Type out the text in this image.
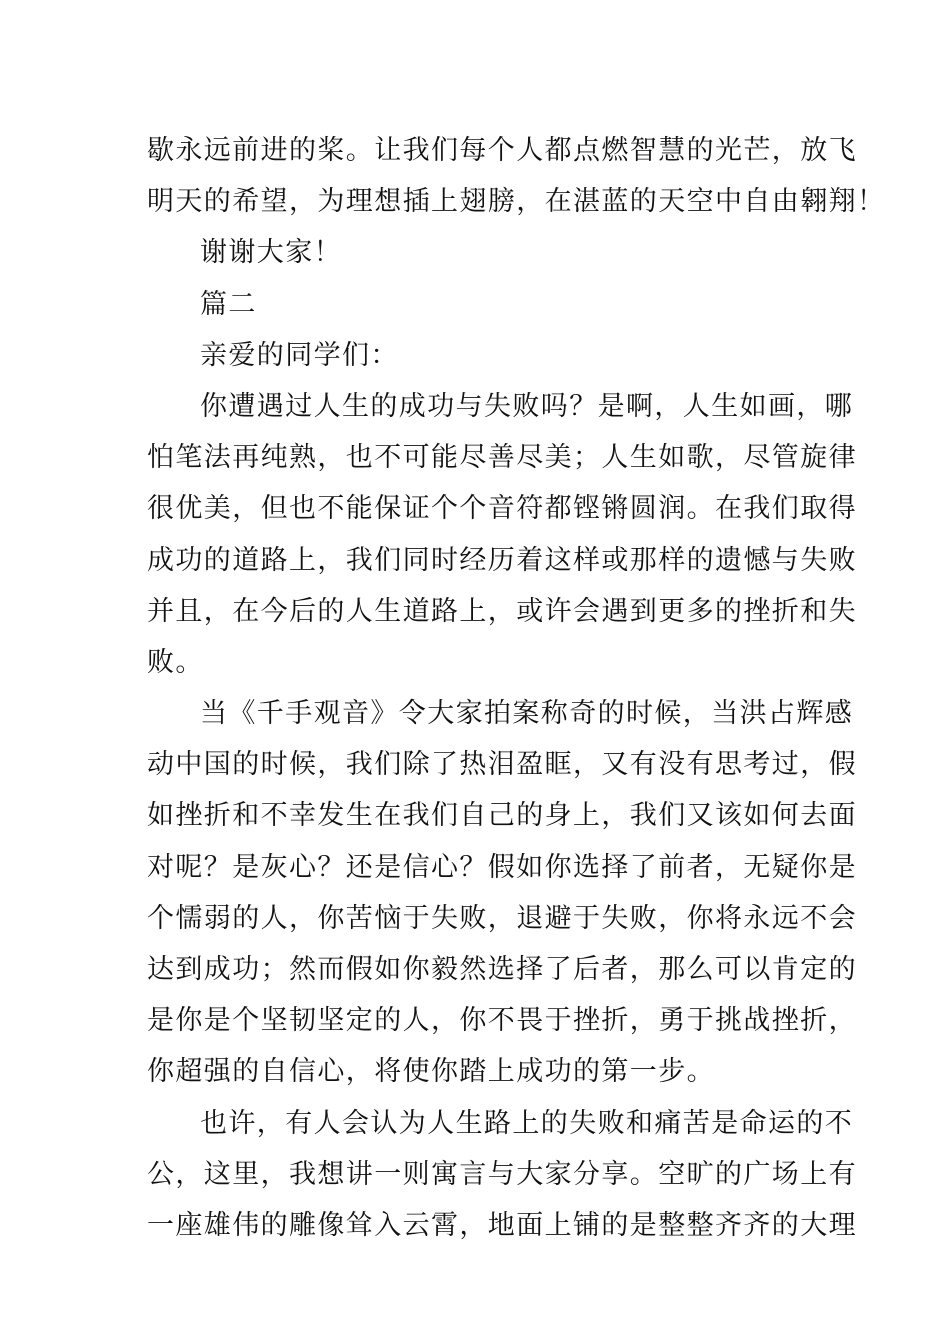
歇永远前进的桨。让我们每个人都点燃智慧的光芒，放飞
明天的希望，为理想插上翅膀，在湛蓝的天空中自由翱翔！
谢谢大家！
篇二
亲爱的同学们：
你遭遇过人生的成功与失败吗？是啊，人生如画，哪
怕笔法再纯熟，也不可能尽善尽美；人生如歌，尽管旋律
很优美，但也不能保证个个音符都铿锵圆润。在我们取得
成功的道路上，我们同时经历着这样或那样的遗憾与失败
并且，在今后的人生道路上，或许会遇到更多的挫折和失
败。
当《千手观音》令大家拍案称奇的时候，当洪占辉感
动中国的时候，我们除了热泪盈眶，又有没有思考过，假
如挫折和不幸发生在我们自己的身上，我们又该如何去面
对呢？是灰心？还是信心？假如你选择了前者，无疑你是
个懦弱的人，你苦恼于失败，退避于失败，你将永远不会
达到成功；然而假如你毅然选择了后者，那么可以肯定的
是你是个坚韧坚定的人，你不畏于挫折，勇于挑战挫折，
你超强的自信心，将使你踏上成功的第一步。
也许，有人会认为人生路上的失败和痛苦是命运的不
公，这里，我想讲一则寓言与大家分享。空旷的广场上有
一座雄伟的雕像耸入云霄，地面上铺的是整整齐齐的大理
